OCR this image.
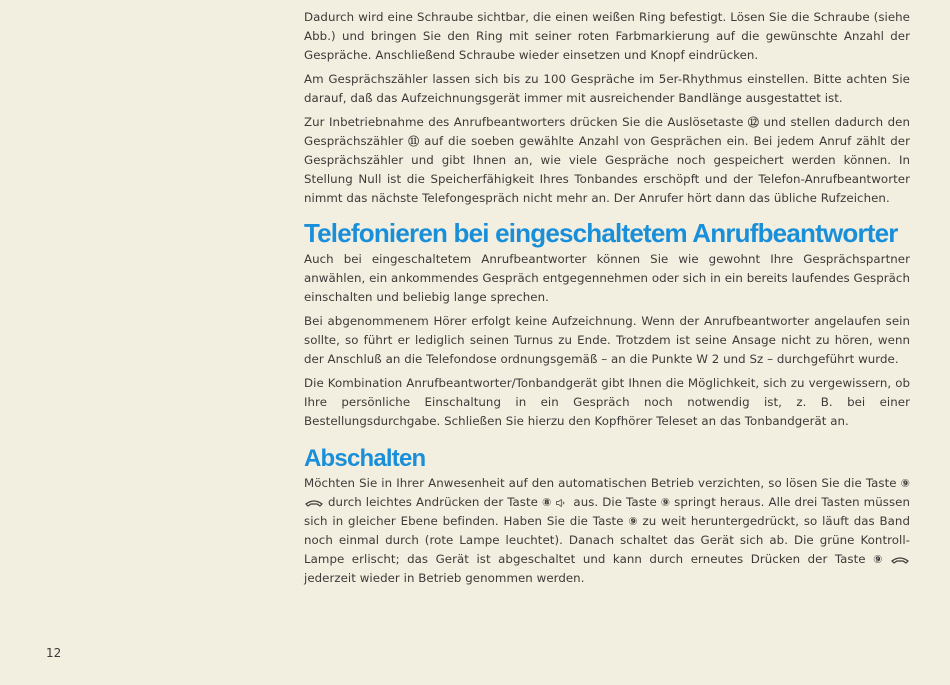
Dadurch wird eine Schraube sichtbar, die einen weißen Ring befestigt. Lösen Sie die Schraube (siehe Abb.) und bringen Sie den Ring mit seiner roten Farbmarkierung auf die gewünschte Anzahl der Gespräche. Anschließend Schraube wieder einsetzen und Knopf eindrücken.

Am Gesprächszähler lassen sich bis zu 100 Gespräche im 5er-Rhythmus einstellen. Bitte achten Sie darauf, daß das Aufzeichnungsgerät immer mit ausreichender Bandlänge ausgestattet ist.

Zur Inbetriebnahme des Anrufbeantworters drücken Sie die Auslösetaste ⑫ und stellen dadurch den Gesprächszähler ⑪ auf die soeben gewählte Anzahl von Gesprächen ein. Bei jedem Anruf zählt der Gesprächszähler und gibt Ihnen an, wie viele Gespräche noch gespeichert werden können. In Stellung Null ist die Speicherfähigkeit Ihres Tonbandes erschöpft und der Telefon-Anrufbeantworter nimmt das nächste Telefongespräch nicht mehr an. Der Anrufer hört dann das übliche Rufzeichen.

Telefonieren bei eingeschaltetem Anrufbeantworter

Auch bei eingeschaltetem Anrufbeantworter können Sie wie gewohnt Ihre Gesprächspartner anwählen, ein ankommendes Gespräch entgegennehmen oder sich in ein bereits laufendes Gespräch einschalten und beliebig lange sprechen.

Bei abgenommenem Hörer erfolgt keine Aufzeichnung. Wenn der Anrufbeantworter angelaufen sein sollte, so führt er lediglich seinen Turnus zu Ende. Trotzdem ist seine Ansage nicht zu hören, wenn der Anschluß an die Telefondose ordnungsgemäß – an die Punkte W 2 und Sz – durchgeführt wurde.

Die Kombination Anrufbeantworter/Tonbandgerät gibt Ihnen die Möglichkeit, sich zu vergewissern, ob Ihre persönliche Einschaltung in ein Gespräch noch notwendig ist, z. B. bei einer Bestellungsdurchgabe. Schließen Sie hierzu den Kopfhörer Teleset an das Tonbandgerät an.

Abschalten

Möchten Sie in Ihrer Anwesenheit auf den automatischen Betrieb verzichten, so lösen Sie die Taste ⑨  durch leichtes Andrücken der Taste ⑧  aus. Die Taste ⑨ springt heraus. Alle drei Tasten müssen sich in gleicher Ebene befinden. Haben Sie die Taste ⑨ zu weit heruntergedrückt, so läuft das Band noch einmal durch (rote Lampe leuchtet). Danach schaltet das Gerät sich ab. Die grüne Kontroll-Lampe erlischt; das Gerät ist abgeschaltet und kann durch erneutes Drücken der Taste ⑨  jederzeit wieder in Betrieb genommen werden.

12
